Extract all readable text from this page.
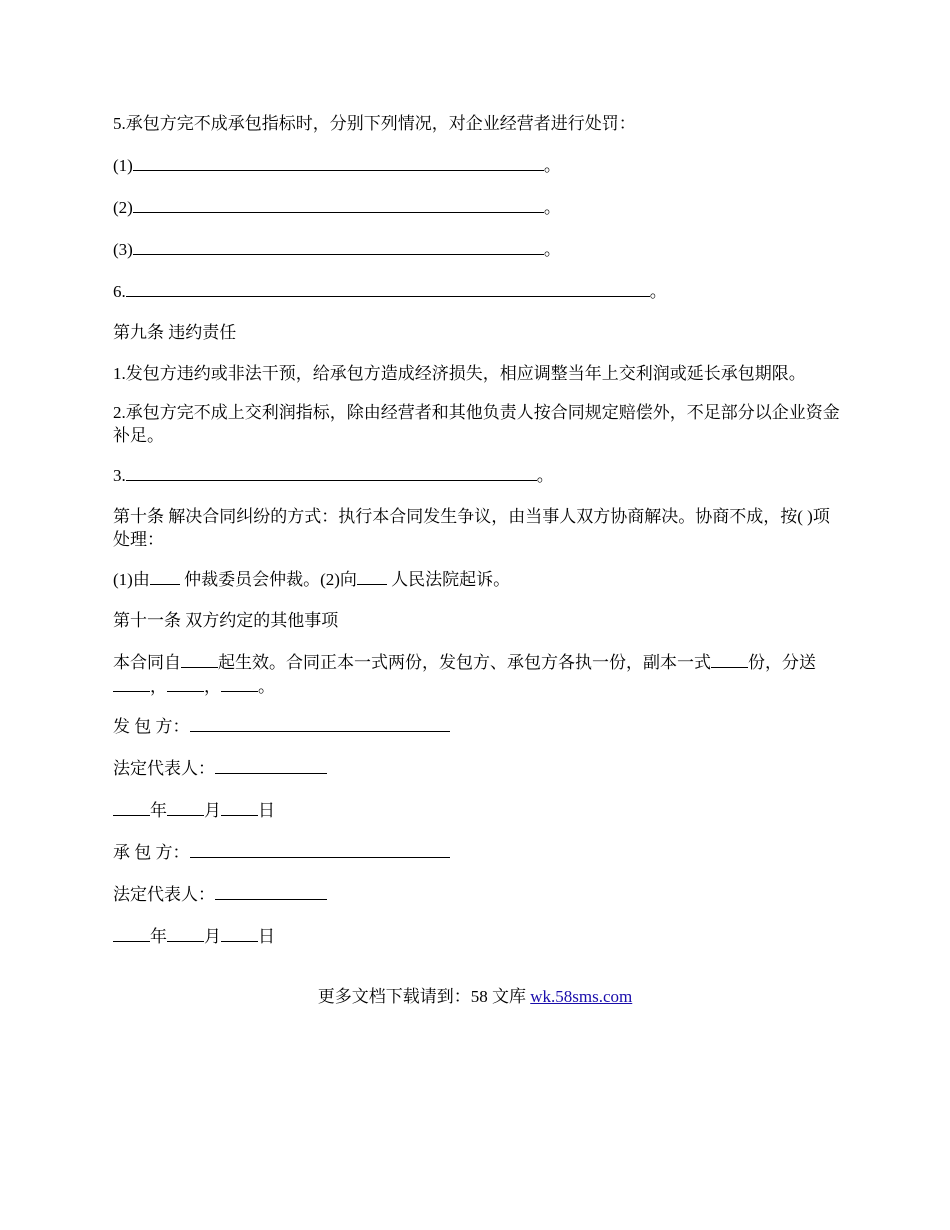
5.承包方完不成承包指标时，分别下列情况，对企业经营者进行处罚：

(1)	。

(2)	。

(3)	。

6.	。

第九条 违约责任

1.发包方违约或非法干预，给承包方造成经济损失，相应调整当年上交利润或延长承包期限。

2.承包方完不成上交利润指标，除由经营者和其他负责人按合同规定赔偿外，不足部分以企业资金补足。

3.	。

第十条 解决合同纠纷的方式：执行本合同发生争议，由当事人双方协商解决。协商不成，按( )项处理：

(1)由 仲裁委员会仲裁。(2)向 人民法院起诉。

第十一条 双方约定的其他事项

本合同自 起生效。合同正本一式两份，发包方、承包方各执一份，副本一式 份，分送， ， 。

发 包 方：

法定代表人：

年 月 日

承 包 方：

法定代表人：

年 月 日

更多文档下载请到：58 文库 wk.58sms.com
